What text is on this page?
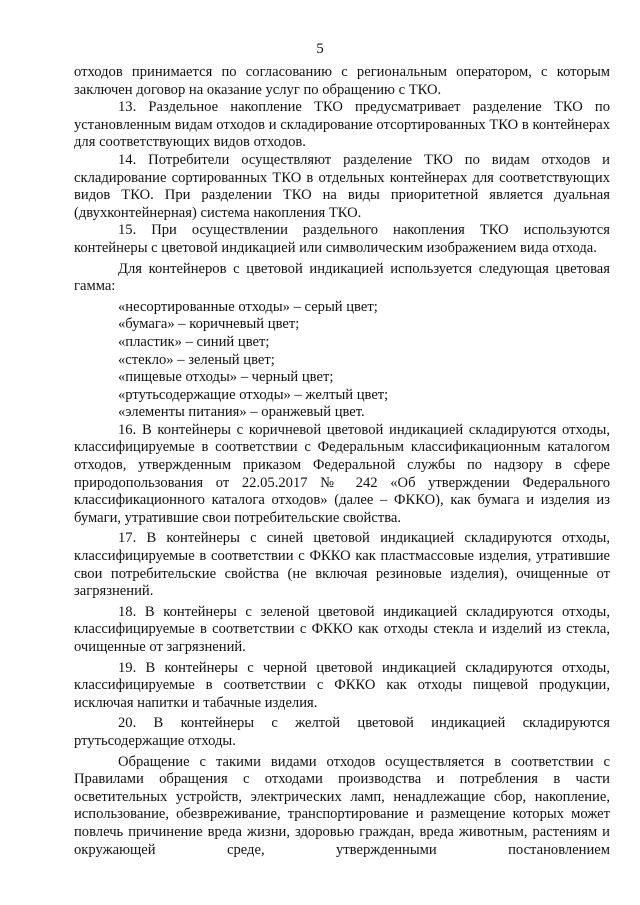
5

отходов принимается по согласованию с региональным оператором, с которым заключен договор на оказание услуг по обращению с ТКО.

13. Раздельное накопление ТКО предусматривает разделение ТКО по установленным видам отходов и складирование отсортированных ТКО в контейнерах для соответствующих видов отходов.

14. Потребители осуществляют разделение ТКО по видам отходов и складирование сортированных ТКО в отдельных контейнерах для соответствующих видов ТКО. При разделении ТКО на виды приоритетной является дуальная (двухконтейнерная) система накопления ТКО.

15. При осуществлении раздельного накопления ТКО используются контейнеры с цветовой индикацией или символическим изображением вида отхода.

Для контейнеров с цветовой индикацией используется следующая цветовая гамма:

«несортированные отходы» – серый цвет;

«бумага» – коричневый цвет;

«пластик» – синий цвет;

«стекло» – зеленый цвет;

«пищевые отходы» – черный цвет;

«ртутьсодержащие отходы» – желтый цвет;

«элементы питания» – оранжевый цвет.

16. В контейнеры с коричневой цветовой индикацией складируются отходы, классифицируемые в соответствии с Федеральным классификационным каталогом отходов, утвержденным приказом Федеральной службы по надзору в сфере природопользования от 22.05.2017 № 242 «Об утверждении Федерального классификационного каталога отходов» (далее – ФККО), как бумага и изделия из бумаги, утратившие свои потребительские свойства.

17. В контейнеры с синей цветовой индикацией складируются отходы, классифицируемые в соответствии с ФККО как пластмассовые изделия, утратившие свои потребительские свойства (не включая резиновые изделия), очищенные от загрязнений.

18. В контейнеры с зеленой цветовой индикацией складируются отходы, классифицируемые в соответствии с ФККО как отходы стекла и изделий из стекла, очищенные от загрязнений.

19. В контейнеры с черной цветовой индикацией складируются отходы, классифицируемые в соответствии с ФККО как отходы пищевой продукции, исключая напитки и табачные изделия.

20. В контейнеры с желтой цветовой индикацией складируются ртутьсодержащие отходы.

Обращение с такими видами отходов осуществляется в соответствии с Правилами обращения с отходами производства и потребления в части осветительных устройств, электрических ламп, ненадлежащие сбор, накопление, использование, обезвреживание, транспортирование и размещение которых может повлечь причинение вреда жизни, здоровью граждан, вреда животным, растениям и окружающей среде, утвержденными постановлением
